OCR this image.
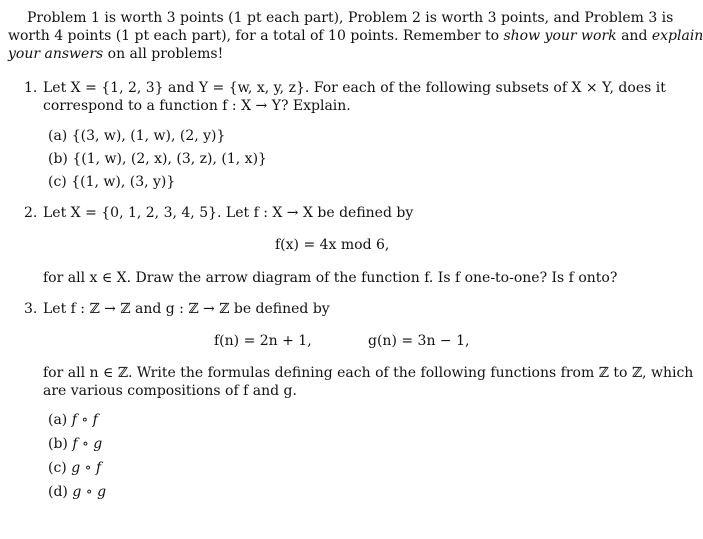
Problem 1 is worth 3 points (1 pt each part), Problem 2 is worth 3 points, and Problem 3 is
worth 4 points (1 pt each part), for a total of 10 points. Remember to show your work and explain
your answers on all problems!
1. Let X = {1, 2, 3} and Y = {w, x, y, z}. For each of the following subsets of X × Y, does it
correspond to a function f : X → Y? Explain.
(a) {(3, w), (1, w), (2, y)}
(b) {(1, w), (2, x), (3, z), (1, x)}
(c) {(1, w), (3, y)}
2. Let X = {0, 1, 2, 3, 4, 5}. Let f : X → X be defined by
f(x) = 4x mod 6,
for all x ∈ X. Draw the arrow diagram of the function f. Is f one-to-one? Is f onto?
3. Let f : ℤ → ℤ and g : ℤ → ℤ be defined by
f(n) = 2n + 1,	g(n) = 3n − 1,
for all n ∈ ℤ. Write the formulas defining each of the following functions from ℤ to ℤ, which
are various compositions of f and g.
(a) f ∘ f
(b) f ∘ g
(c) g ∘ f
(d) g ∘ g
